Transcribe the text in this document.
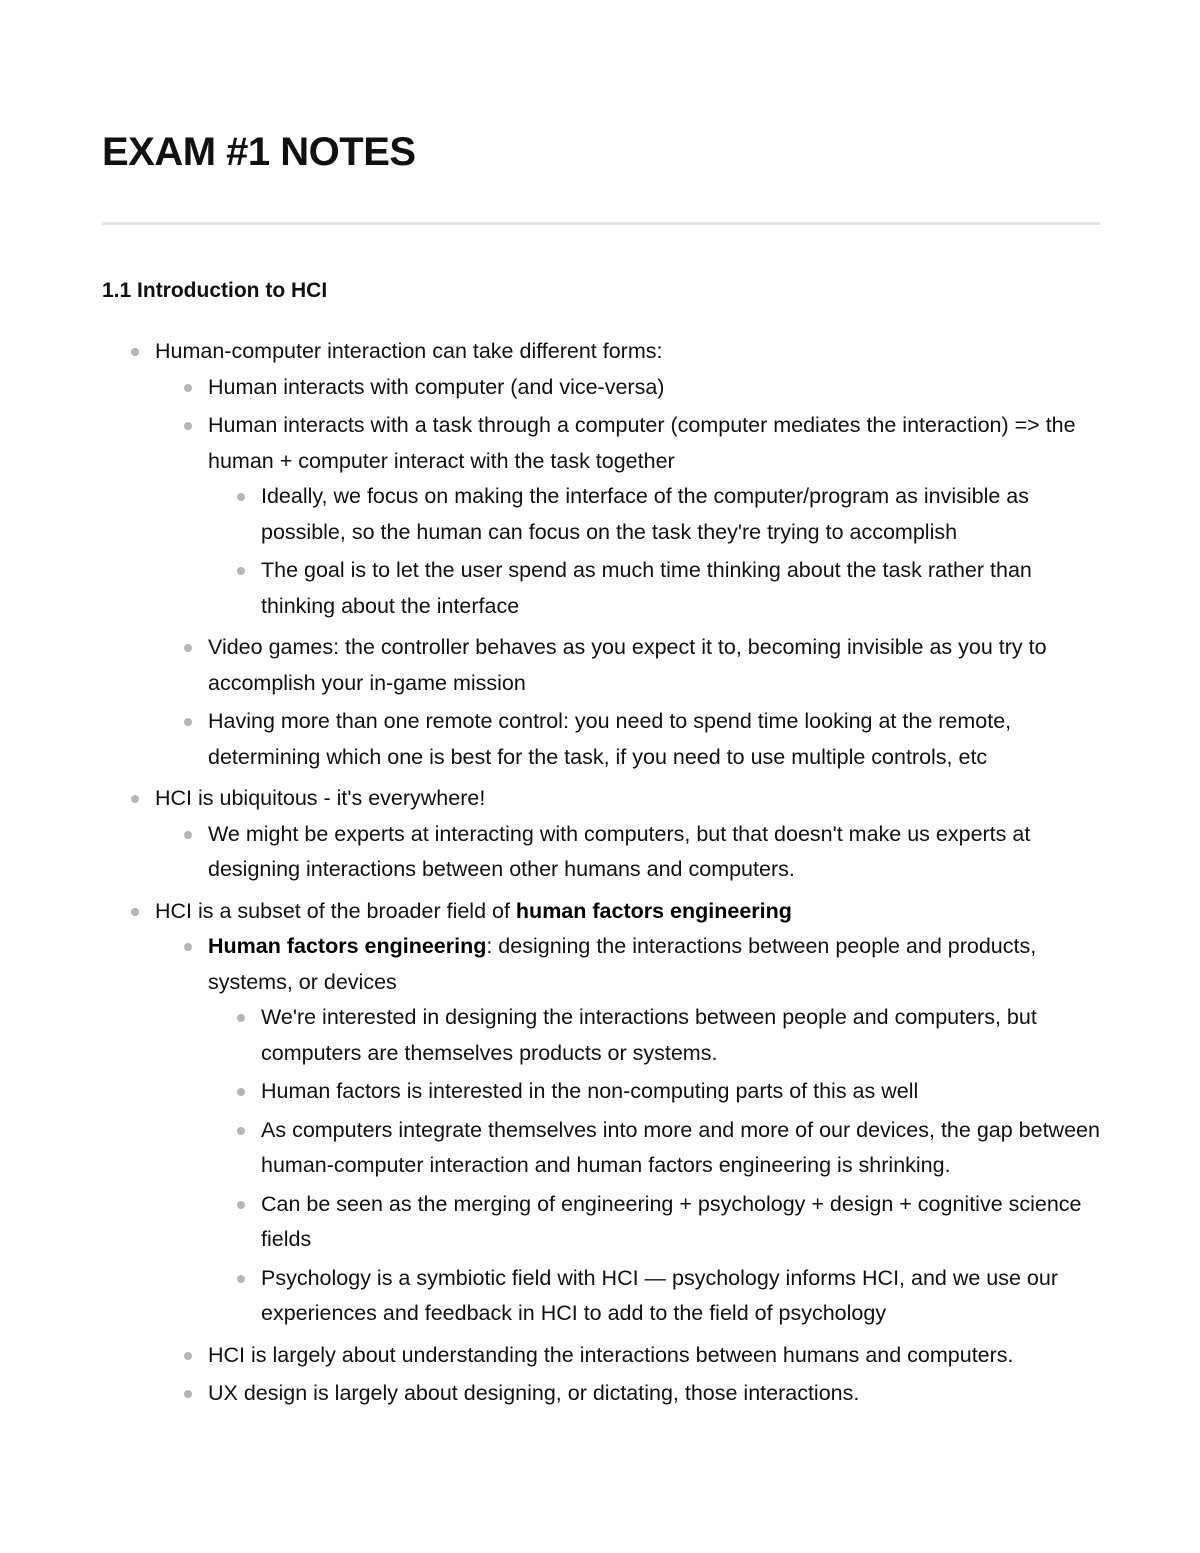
EXAM #1 NOTES
1.1 Introduction to HCI
Human-computer interaction can take different forms:
Human interacts with computer (and vice-versa)
Human interacts with a task through a computer (computer mediates the interaction) => the human + computer interact with the task together
Ideally, we focus on making the interface of the computer/program as invisible as possible, so the human can focus on the task they're trying to accomplish
The goal is to let the user spend as much time thinking about the task rather than thinking about the interface
Video games: the controller behaves as you expect it to, becoming invisible as you try to accomplish your in-game mission
Having more than one remote control: you need to spend time looking at the remote, determining which one is best for the task, if you need to use multiple controls, etc
HCI is ubiquitous - it's everywhere!
We might be experts at interacting with computers, but that doesn't make us experts at designing interactions between other humans and computers.
HCI is a subset of the broader field of human factors engineering
Human factors engineering: designing the interactions between people and products, systems, or devices
We're interested in designing the interactions between people and computers, but computers are themselves products or systems.
Human factors is interested in the non-computing parts of this as well
As computers integrate themselves into more and more of our devices, the gap between human-computer interaction and human factors engineering is shrinking.
Can be seen as the merging of engineering + psychology + design + cognitive science fields
Psychology is a symbiotic field with HCI — psychology informs HCI, and we use our experiences and feedback in HCI to add to the field of psychology
HCI is largely about understanding the interactions between humans and computers.
UX design is largely about designing, or dictating, those interactions.
